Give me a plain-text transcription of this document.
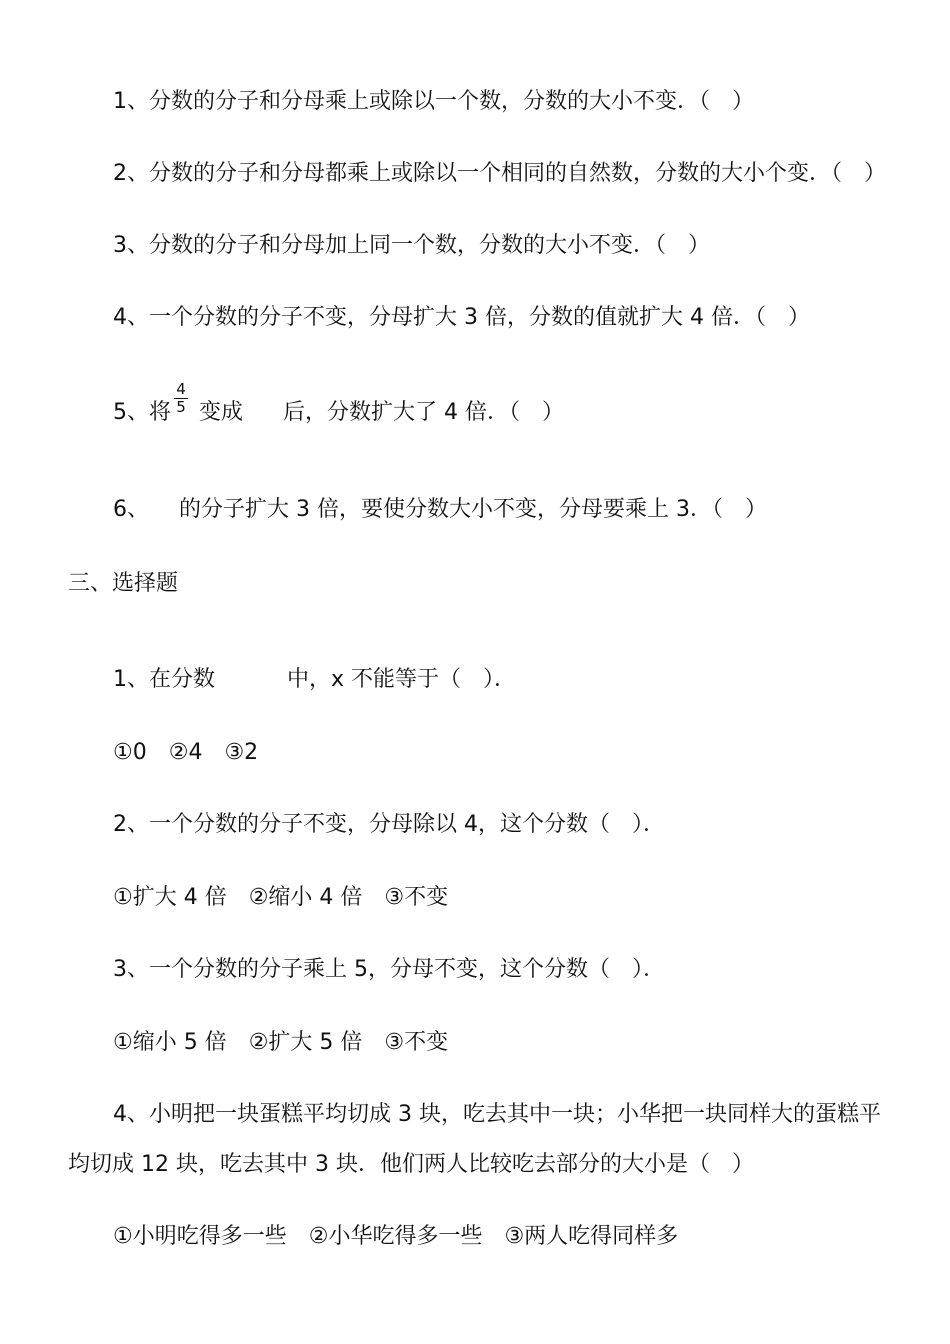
1、分数的分子和分母乘上或除以一个数，分数的大小不变．（　）
2、分数的分子和分母都乘上或除以一个相同的自然数，分数的大小个变．（　）
3、分数的分子和分母加上同一个数，分数的大小不变．（　）
4、一个分数的分子不变，分母扩大 3 倍，分数的值就扩大 4 倍．（　）
5、将 变成 后，分数扩大了 4 倍．（　）
4
5
6、 的分子扩大 3 倍，要使分数大小不变，分母要乘上 3．（　）
三、选择题
1、在分数	中，x 不能等于（　）．
①0　②4　③2
2、一个分数的分子不变，分母除以 4，这个分数（　）．
①扩大 4 倍　②缩小 4 倍　③不变
3、一个分数的分子乘上 5，分母不变，这个分数（　）．
①缩小 5 倍　②扩大 5 倍　③不变
4、小明把一块蛋糕平均切成 3 块，吃去其中一块；小华把一块同样大的蛋糕平
均切成 12 块，吃去其中 3 块．他们两人比较吃去部分的大小是（　）
①小明吃得多一些　②小华吃得多一些　③两人吃得同样多
